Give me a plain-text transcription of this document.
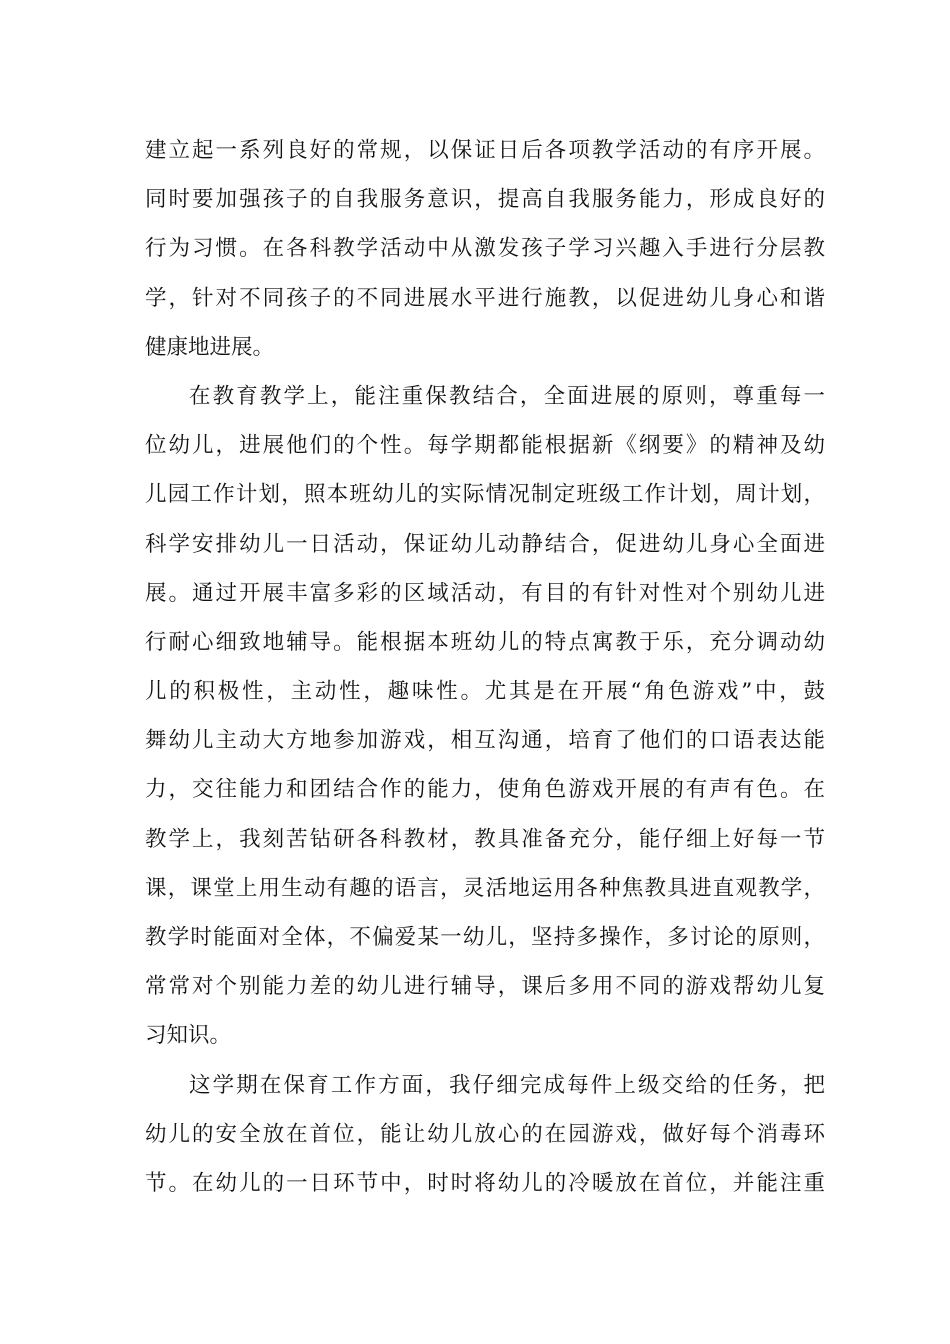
建立起一系列良好的常规，以保证日后各项教学活动的有序开展。
同时要加强孩子的自我服务意识，提高自我服务能力，形成良好的
行为习惯。在各科教学活动中从激发孩子学习兴趣入手进行分层教
学，针对不同孩子的不同进展水平进行施教，以促进幼儿身心和谐
健康地进展。
在教育教学上，能注重保教结合，全面进展的原则，尊重每一
位幼儿，进展他们的个性。每学期都能根据新《纲要》的精神及幼
儿园工作计划，照本班幼儿的实际情况制定班级工作计划，周计划，
科学安排幼儿一日活动，保证幼儿动静结合，促进幼儿身心全面进
展。通过开展丰富多彩的区域活动，有目的有针对性对个别幼儿进
行耐心细致地辅导。能根据本班幼儿的特点寓教于乐，充分调动幼
儿的积极性，主动性，趣味性。尤其是在开展“角色游戏”中，鼓
舞幼儿主动大方地参加游戏，相互沟通，培育了他们的口语表达能
力，交往能力和团结合作的能力，使角色游戏开展的有声有色。在
教学上，我刻苦钻研各科教材，教具准备充分，能仔细上好每一节
课，课堂上用生动有趣的语言，灵活地运用各种焦教具进直观教学，
教学时能面对全体，不偏爱某一幼儿，坚持多操作，多讨论的原则，
常常对个别能力差的幼儿进行辅导，课后多用不同的游戏帮幼儿复
习知识。
这学期在保育工作方面，我仔细完成每件上级交给的任务，把
幼儿的安全放在首位，能让幼儿放心的在园游戏，做好每个消毒环
节。在幼儿的一日环节中，时时将幼儿的冷暖放在首位，并能注重
